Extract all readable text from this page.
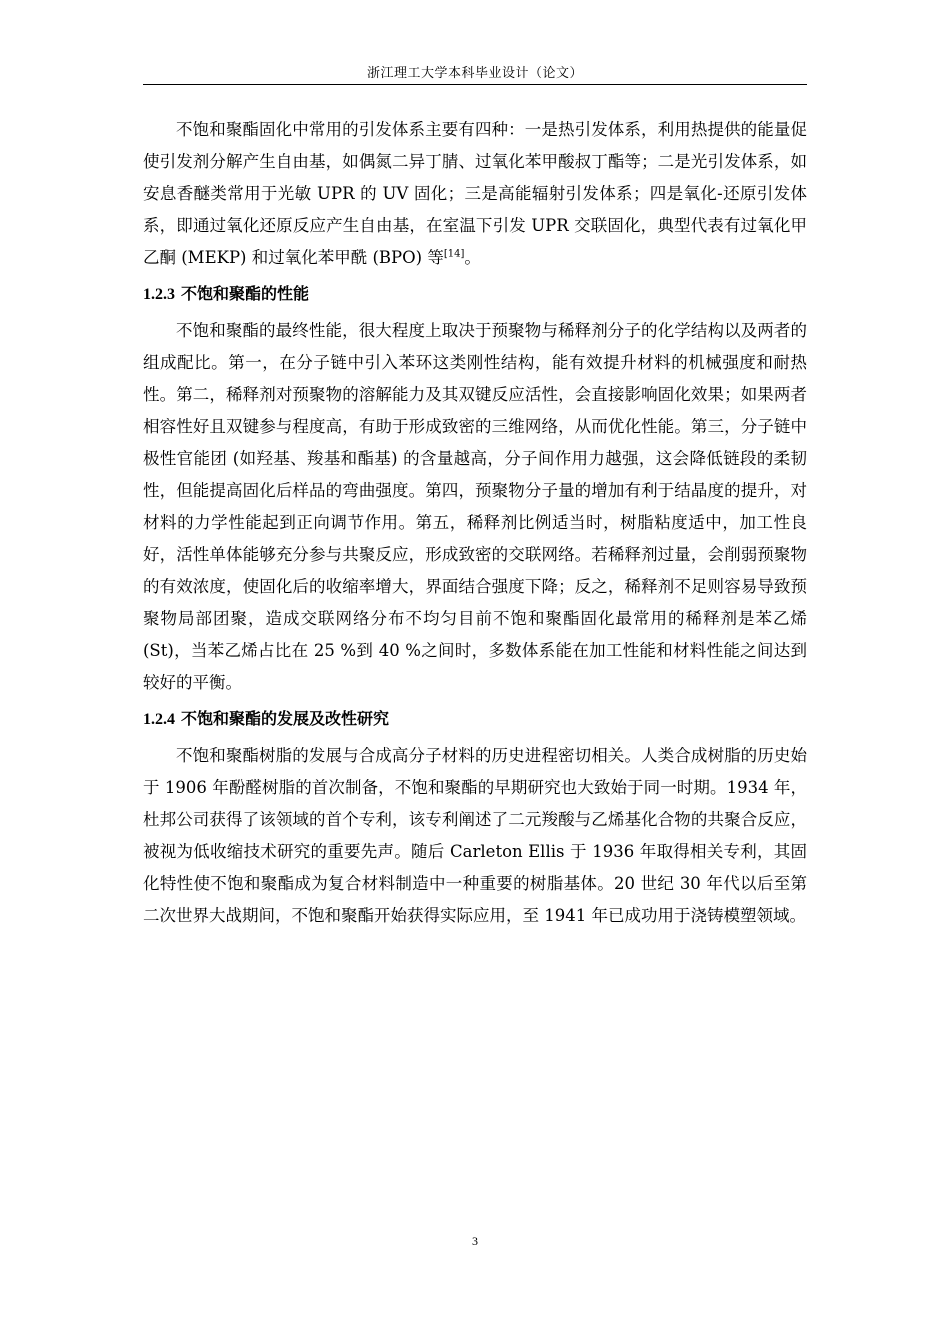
浙江理工大学本科毕业设计（论文）

不饱和聚酯固化中常用的引发体系主要有四种：一是热引发体系，利用热提供的能量促使引发剂分解产生自由基，如偶氮二异丁腈、过氧化苯甲酸叔丁酯等；二是光引发体系，如安息香醚类常用于光敏 UPR 的 UV 固化；三是高能辐射引发体系；四是氧化-还原引发体系，即通过氧化还原反应产生自由基，在室温下引发 UPR 交联固化，典型代表有过氧化甲乙酮 (MEKP) 和过氧化苯甲酰 (BPO) 等[14]。

1.2.3 不饱和聚酯的性能

不饱和聚酯的最终性能，很大程度上取决于预聚物与稀释剂分子的化学结构以及两者的组成配比。第一，在分子链中引入苯环这类刚性结构，能有效提升材料的机械强度和耐热性。第二，稀释剂对预聚物的溶解能力及其双键反应活性，会直接影响固化效果；如果两者相容性好且双键参与程度高，有助于形成致密的三维网络，从而优化性能。第三，分子链中极性官能团 (如羟基、羧基和酯基) 的含量越高，分子间作用力越强，这会降低链段的柔韧性，但能提高固化后样品的弯曲强度。第四，预聚物分子量的增加有利于结晶度的提升，对材料的力学性能起到正向调节作用。第五，稀释剂比例适当时，树脂粘度适中，加工性良好，活性单体能够充分参与共聚反应，形成致密的交联网络。若稀释剂过量，会削弱预聚物的有效浓度，使固化后的收缩率增大，界面结合强度下降；反之，稀释剂不足则容易导致预聚物局部团聚，造成交联网络分布不均匀目前不饱和聚酯固化最常用的稀释剂是苯乙烯 (St)，当苯乙烯占比在 25 %到 40 %之间时，多数体系能在加工性能和材料性能之间达到较好的平衡。

1.2.4 不饱和聚酯的发展及改性研究

不饱和聚酯树脂的发展与合成高分子材料的历史进程密切相关。人类合成树脂的历史始于 1906 年酚醛树脂的首次制备，不饱和聚酯的早期研究也大致始于同一时期。1934 年，杜邦公司获得了该领域的首个专利，该专利阐述了二元羧酸与乙烯基化合物的共聚合反应，被视为低收缩技术研究的重要先声。随后 Carleton Ellis 于 1936 年取得相关专利，其固化特性使不饱和聚酯成为复合材料制造中一种重要的树脂基体。20 世纪 30 年代以后至第二次世界大战期间，不饱和聚酯开始获得实际应用，至 1941 年已成功用于浇铸模塑领域。

3
